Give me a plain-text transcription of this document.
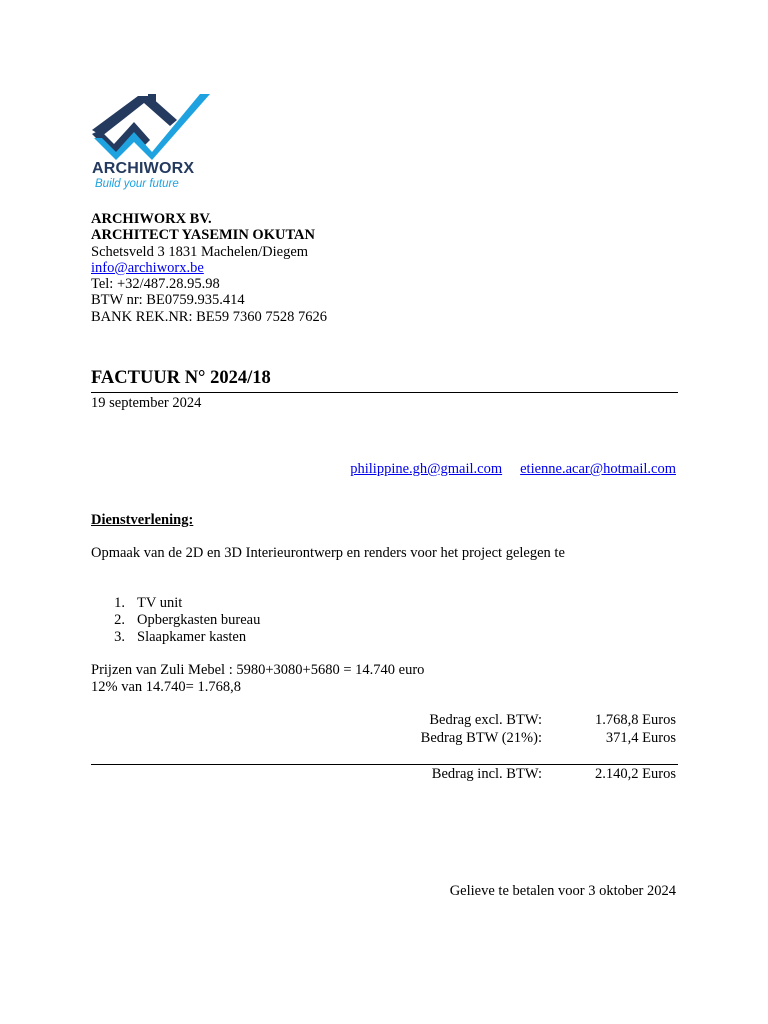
ARCHIWORX
Build your future
ARCHIWORX BV.
ARCHITECT YASEMIN OKUTAN
Schetsveld 3 1831 Machelen/Diegem
info@archiworx.be
Tel: +32/487.28.95.98
BTW nr: BE0759.935.414
BANK REK.NR: BE59 7360 7528 7626
FACTUUR N° 2024/18
19 september 2024
philippine.gh@gmail.com etienne.acar@hotmail.com
Dienstverlening:
Opmaak van de 2D en 3D Interieurontwerp en renders voor het project gelegen te
1. TV unit
2. Opbergkasten bureau
3. Slaapkamer kasten
Prijzen van Zuli Mebel : 5980+3080+5680 = 14.740 euro
12% van 14.740= 1.768,8
Bedrag excl. BTW:	1.768,8 Euros
Bedrag BTW (21%):	371,4 Euros
Bedrag incl. BTW:	2.140,2 Euros
Gelieve te betalen voor 3 oktober 2024
